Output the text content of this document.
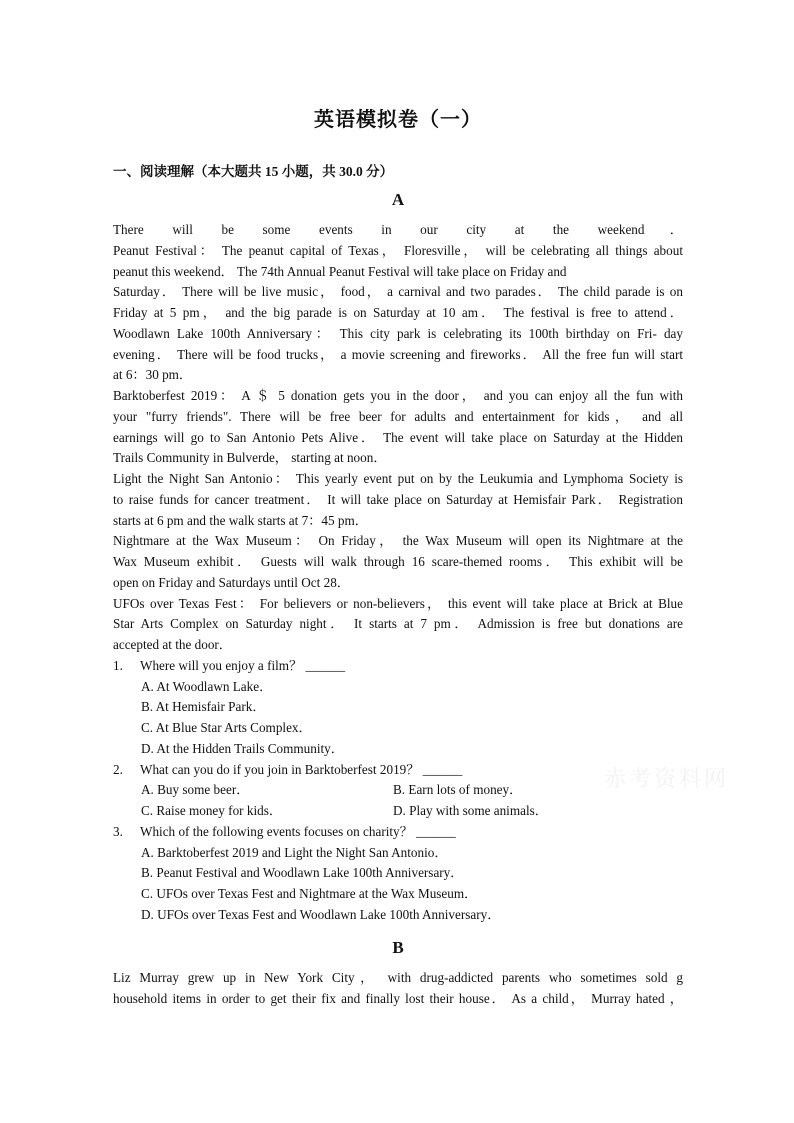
英语模拟卷（一）
一、阅读理解（本大题共 15 小题，共 30.0 分）
A
There will be some events in our city at the weekend．
Peanut Festival： The peanut capital of Texas， Floresville， will be celebrating all things about
peanut this weekend． The 74th Annual Peanut Festival will take place on Friday and
Saturday． There will be live music， food， a carnival and two parades． The child parade is on
Friday at 5 pm， and the big parade is on Saturday at 10 am． The festival is free to attend．
Woodlawn Lake 100th Anniversary： This city park is celebrating its 100th birthday on Fri- day
evening． There will be food trucks， a movie screening and fireworks． All the free fun will start
at 6：30 pm．
Barktoberfest 2019： A ＄ 5 donation gets you in the door， and you can enjoy all the fun with
your "furry friends". There will be free beer for adults and entertainment for kids， and all
earnings will go to San Antonio Pets Alive． The event will take place on Saturday at the Hidden
Trails Community in Bulverde， starting at noon．
Light the Night San Antonio： This yearly event put on by the Leukumia and Lymphoma Society is
to raise funds for cancer treatment． It will take place on Saturday at Hemisfair Park． Registration
starts at 6 pm and the walk starts at 7：45 pm．
Nightmare at the Wax Museum： On Friday， the Wax Museum will open its Nightmare at the
Wax Museum exhibit． Guests will walk through 16 scare-themed rooms． This exhibit will be
open on Friday and Saturdays until Oct 28．
UFOs over Texas Fest： For believers or non-believers， this event will take place at Brick at Blue
Star Arts Complex on Saturday night． It starts at 7 pm． Admission is free but donations are
accepted at the door．
1. Where will you enjoy a film？ ______
A. At Woodlawn Lake．
B. At Hemisfair Park．
C. At Blue Star Arts Complex．
D. At the Hidden Trails Community．
2. What can you do if you join in Barktoberfest 2019？ ______
A. Buy some beer．	B. Earn lots of money．
C. Raise money for kids．	D. Play with some animals．
3. Which of the following events focuses on charity？ ______
A. Barktoberfest 2019 and Light the Night San Antonio．
B. Peanut Festival and Woodlawn Lake 100th Anniversary．
C. UFOs over Texas Fest and Nightmare at the Wax Museum．
D. UFOs over Texas Fest and Woodlawn Lake 100th Anniversary．
B
Liz Murray grew up in New York City， with drug-addicted parents who sometimes sold g
household items in order to get their fix and finally lost their house． As a child， Murray hated ，
赤考资料网
